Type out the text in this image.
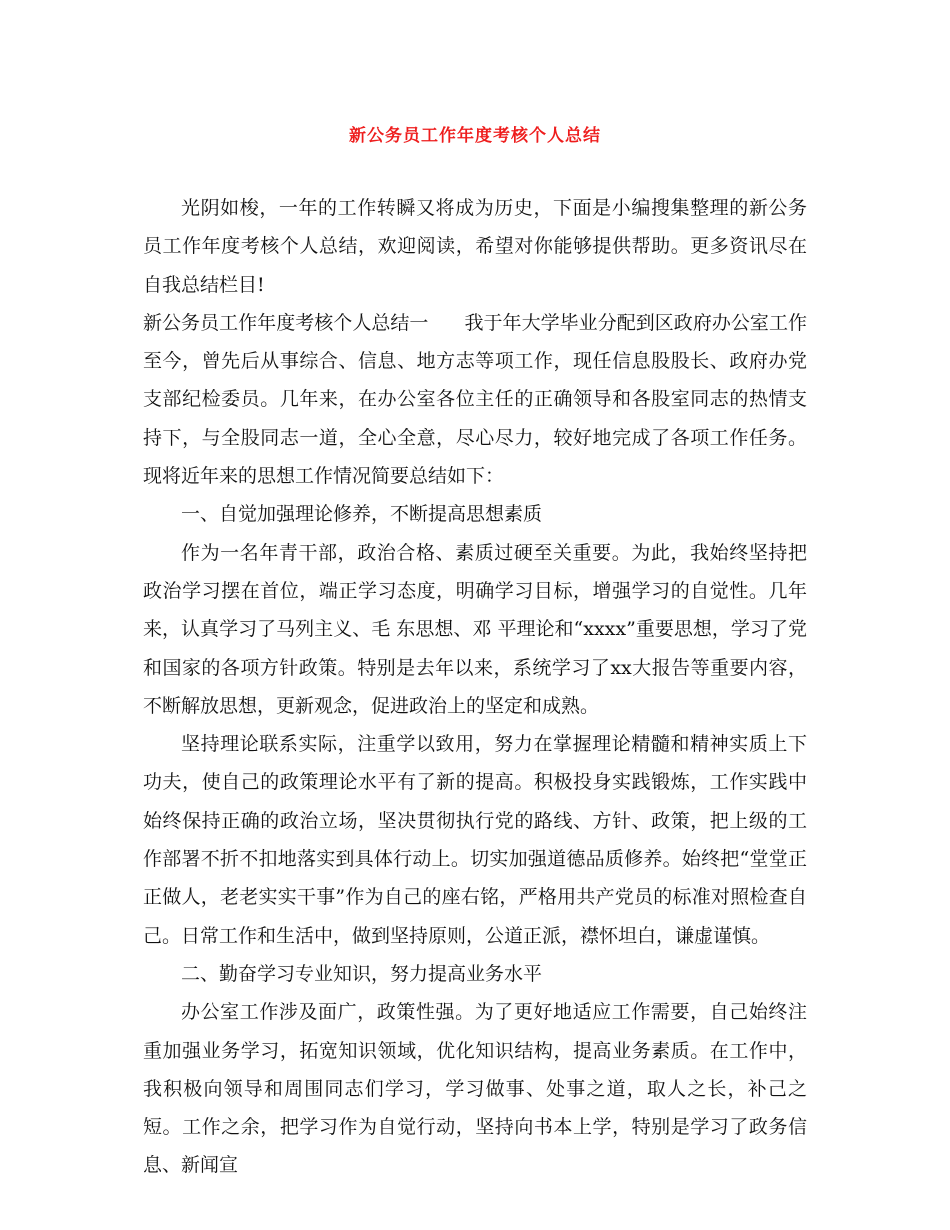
新公务员工作年度考核个人总结

光阴如梭，一年的工作转瞬又将成为历史，下面是小编搜集整理的新公务员工作年度考核个人总结，欢迎阅读，希望对你能够提供帮助。更多资讯尽在自我总结栏目!

新公务员工作年度考核个人总结一 我于年大学毕业分配到区政府办公室工作至今，曾先后从事综合、信息、地方志等项工作，现任信息股股长、政府办党支部纪检委员。几年来，在办公室各位主任的正确领导和各股室同志的热情支持下，与全股同志一道，全心全意，尽心尽力，较好地完成了各项工作任务。现将近年来的思想工作情况简要总结如下：

一、自觉加强理论修养，不断提高思想素质

作为一名年青干部，政治合格、素质过硬至关重要。为此，我始终坚持把政治学习摆在首位，端正学习态度，明确学习目标，增强学习的自觉性。几年来，认真学习了马列主义、毛 东思想、邓 平理论和“xxxx”重要思想，学习了党和国家的各项方针政策。特别是去年以来，系统学习了xx大报告等重要内容，不断解放思想，更新观念，促进政治上的坚定和成熟。

坚持理论联系实际，注重学以致用，努力在掌握理论精髓和精神实质上下功夫，使自己的政策理论水平有了新的提高。积极投身实践锻炼，工作实践中始终保持正确的政治立场，坚决贯彻执行党的路线、方针、政策，把上级的工作部署不折不扣地落实到具体行动上。切实加强道德品质修养。始终把“堂堂正正做人，老老实实干事”作为自己的座右铭，严格用共产党员的标准对照检查自己。日常工作和生活中，做到坚持原则，公道正派，襟怀坦白，谦虚谨慎。

二、勤奋学习专业知识，努力提高业务水平

办公室工作涉及面广，政策性强。为了更好地适应工作需要，自己始终注重加强业务学习，拓宽知识领域，优化知识结构，提高业务素质。在工作中，我积极向领导和周围同志们学习，学习做事、处事之道，取人之长，补己之短。工作之余，把学习作为自觉行动，坚持向书本上学，特别是学习了政务信息、新闻宣
